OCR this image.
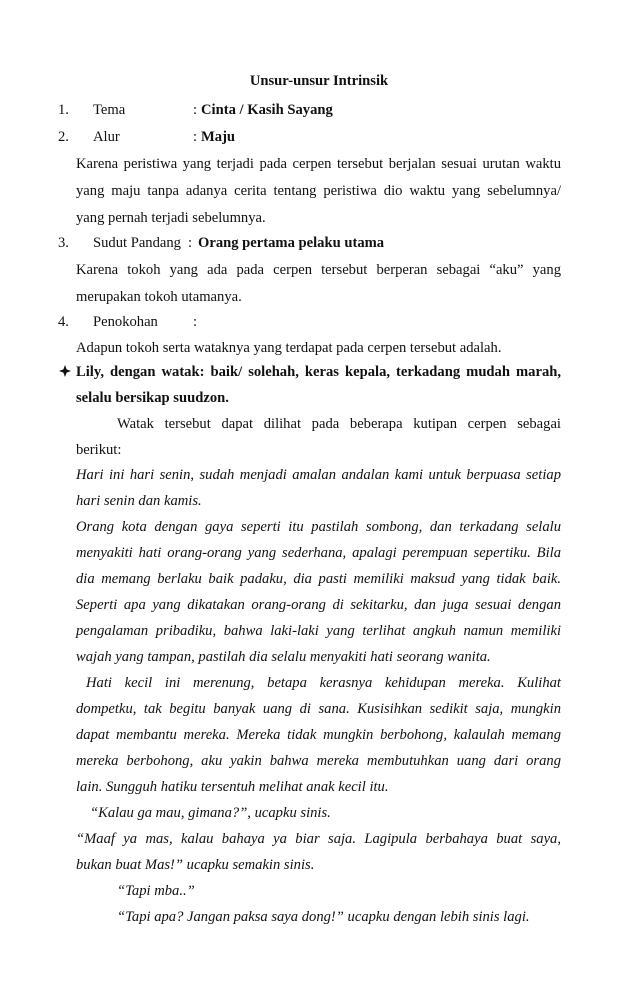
Unsur-unsur Intrinsik
1. Tema	: Cinta / Kasih Sayang
2. Alur	: Maju
Karena peristiwa yang terjadi pada cerpen tersebut berjalan sesuai urutan waktu
yang maju tanpa adanya cerita tentang peristiwa dio waktu yang sebelumnya/
yang pernah terjadi sebelumnya.
3. Sudut Pandang : Orang pertama pelaku utama
Karena tokoh yang ada pada cerpen tersebut berperan sebagai “aku” yang
merupakan tokoh utamanya.
4. Penokohan :
Adapun tokoh serta wataknya yang terdapat pada cerpen tersebut adalah.
Lily, dengan watak: baik/ solehah, keras kepala, terkadang mudah marah,
selalu bersikap suudzon.
Watak tersebut dapat dilihat pada beberapa kutipan cerpen sebagai
berikut:
Hari ini hari senin, sudah menjadi amalan andalan kami untuk berpuasa setiap
hari senin dan kamis.
Orang kota dengan gaya seperti itu pastilah sombong, dan terkadang selalu
menyakiti hati orang-orang yang sederhana, apalagi perempuan sepertiku. Bila
dia memang berlaku baik padaku, dia pasti memiliki maksud yang tidak baik.
Seperti apa yang dikatakan orang-orang di sekitarku, dan juga sesuai dengan
pengalaman pribadiku, bahwa laki-laki yang terlihat angkuh namun memiliki
wajah yang tampan, pastilah dia selalu menyakiti hati seorang wanita.
Hati kecil ini merenung, betapa kerasnya kehidupan mereka. Kulihat
dompetku, tak begitu banyak uang di sana. Kusisihkan sedikit saja, mungkin
dapat membantu mereka. Mereka tidak mungkin berbohong, kalaulah memang
mereka berbohong, aku yakin bahwa mereka membutuhkan uang dari orang
lain. Sungguh hatiku tersentuh melihat anak kecil itu.
“Kalau ga mau, gimana?”, ucapku sinis.
“Maaf ya mas, kalau bahaya ya biar saja. Lagipula berbahaya buat saya,
bukan buat Mas!” ucapku semakin sinis.
“Tapi mba..”
“Tapi apa? Jangan paksa saya dong!” ucapku dengan lebih sinis lagi.
